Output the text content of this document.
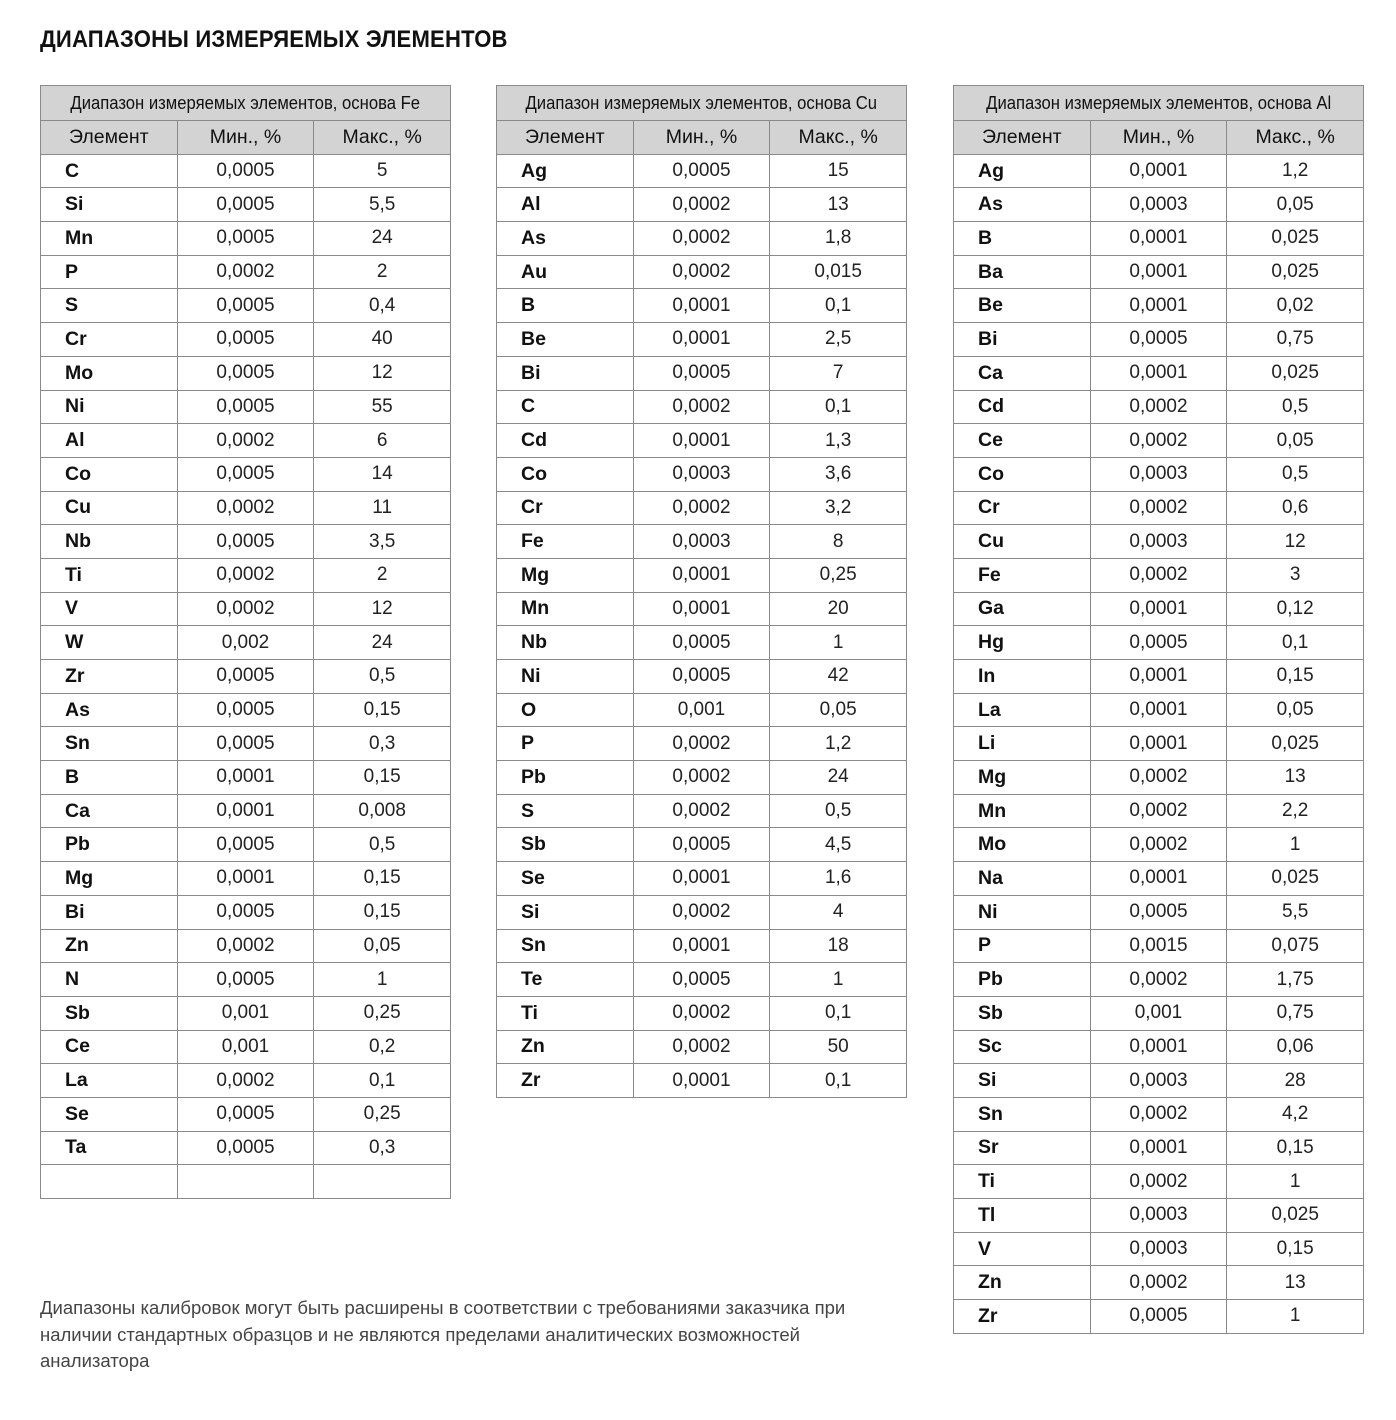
ДИАПАЗОНЫ ИЗМЕРЯЕМЫХ ЭЛЕМЕНТОВ
Диапазон измеряемых элементов, основа Fe		
Элемент	Мин., %	Макс., %
C	0,0005	5
Si	0,0005	5,5
Mn	0,0005	24
P	0,0002	2
S	0,0005	0,4
Cr	0,0005	40
Mo	0,0005	12
Ni	0,0005	55
Al	0,0002	6
Co	0,0005	14
Cu	0,0002	11
Nb	0,0005	3,5
Ti	0,0002	2
V	0,0002	12
W	0,002	24
Zr	0,0005	0,5
As	0,0005	0,15
Sn	0,0005	0,3
B	0,0001	0,15
Ca	0,0001	0,008
Pb	0,0005	0,5
Mg	0,0001	0,15
Bi	0,0005	0,15
Zn	0,0002	0,05
N	0,0005	1
Sb	0,001	0,25
Ce	0,001	0,2
La	0,0002	0,1
Se	0,0005	0,25
Ta	0,0005	0,3

Диапазон измеряемых элементов, основа Cu		
Элемент	Мин., %	Макс., %
Ag	0,0005	15
Al	0,0002	13
As	0,0002	1,8
Au	0,0002	0,015
B	0,0001	0,1
Be	0,0001	2,5
Bi	0,0005	7
C	0,0002	0,1
Cd	0,0001	1,3
Co	0,0003	3,6
Cr	0,0002	3,2
Fe	0,0003	8
Mg	0,0001	0,25
Mn	0,0001	20
Nb	0,0005	1
Ni	0,0005	42
O	0,001	0,05
P	0,0002	1,2
Pb	0,0002	24
S	0,0002	0,5
Sb	0,0005	4,5
Se	0,0001	1,6
Si	0,0002	4
Sn	0,0001	18
Te	0,0005	1
Ti	0,0002	0,1
Zn	0,0002	50
Zr	0,0001	0,1
Диапазон измеряемых элементов, основа Al		
Элемент	Мин., %	Макс., %
Ag	0,0001	1,2
As	0,0003	0,05
B	0,0001	0,025
Ba	0,0001	0,025
Be	0,0001	0,02
Bi	0,0005	0,75
Ca	0,0001	0,025
Cd	0,0002	0,5
Ce	0,0002	0,05
Co	0,0003	0,5
Cr	0,0002	0,6
Cu	0,0003	12
Fe	0,0002	3
Ga	0,0001	0,12
Hg	0,0005	0,1
In	0,0001	0,15
La	0,0001	0,05
Li	0,0001	0,025
Mg	0,0002	13
Mn	0,0002	2,2
Mo	0,0002	1
Na	0,0001	0,025
Ni	0,0005	5,5
P	0,0015	0,075
Pb	0,0002	1,75
Sb	0,001	0,75
Sc	0,0001	0,06
Si	0,0003	28
Sn	0,0002	4,2
Sr	0,0001	0,15
Ti	0,0002	1
Tl	0,0003	0,025
V	0,0003	0,15
Zn	0,0002	13
Zr	0,0005	1
Диапазоны калибровок могут быть расширены в соответствии с требованиями заказчика при наличии стандартных образцов и не являются пределами аналитических возможностей анализатора
